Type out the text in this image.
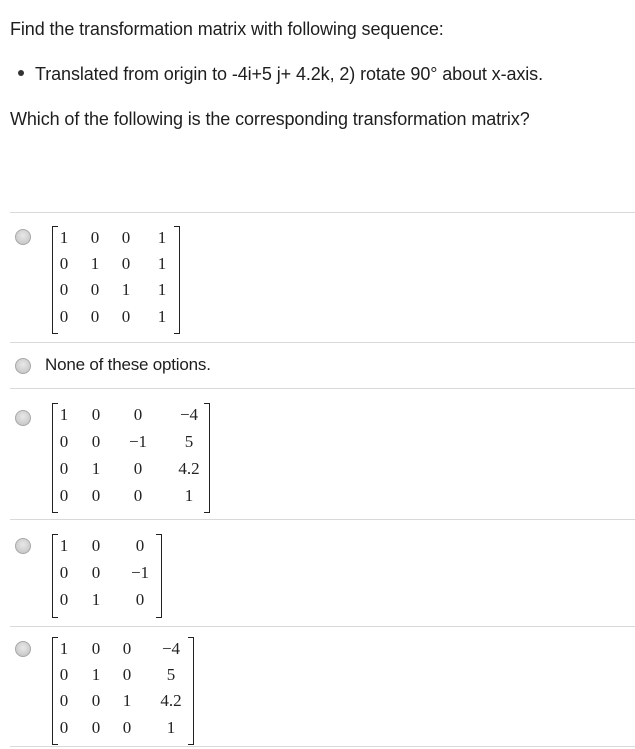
Find the transformation matrix with following sequence:
Which of the following is the corresponding transformation matrix?
Translated from origin to -4i+5 j+ 4.2k, 2) rotate 90° about x-axis.
1 0 0 1
0 1 0 1
0 0 1 1
0 0 0 1
None of these options.
1 0	0	−4
0 0 −1	5
0 1	0	4.2
0 0	0	1
1 0	0
0 0	−1
0 1	0
1 0 0	−4
0 1 0	5
0 0 1	4.2
0 0 0	1
